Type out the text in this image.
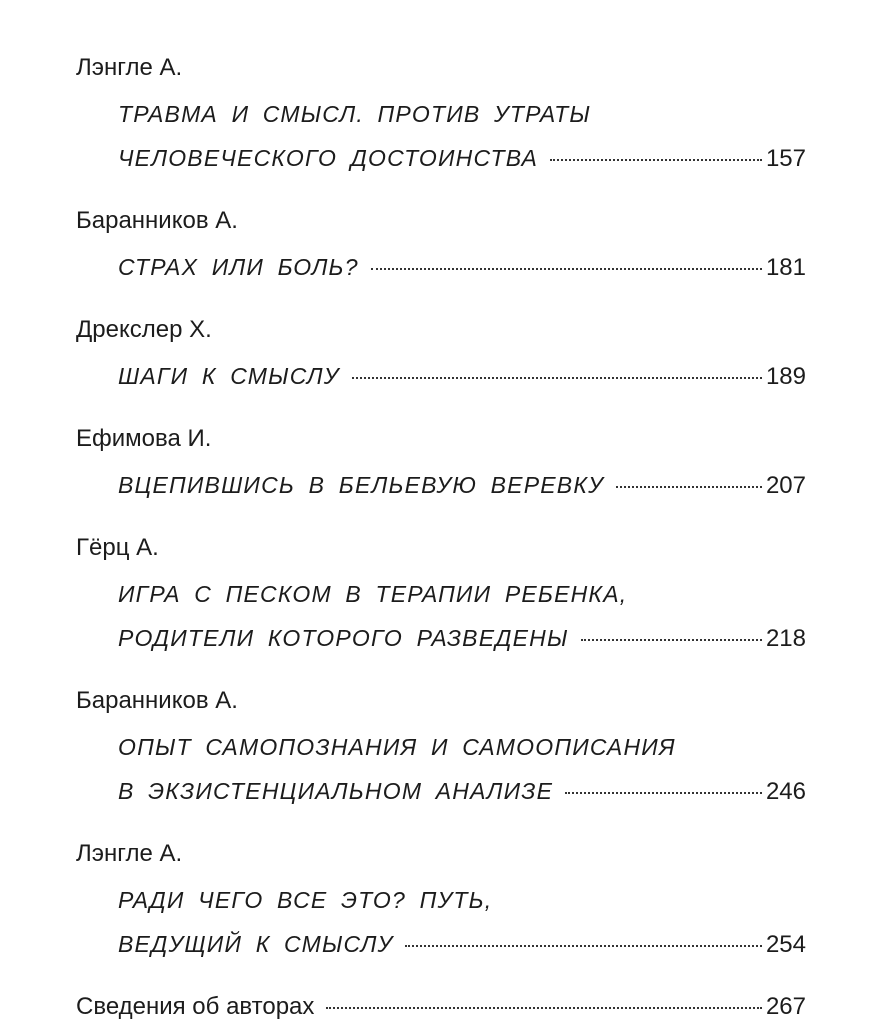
Лэнгле А.
ТРАВМА И СМЫСЛ. ПРОТИВ УТРАТЫ
ЧЕЛОВЕЧЕСКОГО ДОСТОИНСТВА	157
Баранников А.
СТРАХ ИЛИ БОЛЬ?	181
Дрекслер Х.
ШАГИ К СМЫСЛУ	189
Ефимова И.
ВЦЕПИВШИСЬ В БЕЛЬЕВУЮ ВЕРЕВКУ	207
Гёрц А.
ИГРА С ПЕСКОМ В ТЕРАПИИ РЕБЕНКА,
РОДИТЕЛИ КОТОРОГО РАЗВЕДЕНЫ	218
Баранников А.
ОПЫТ САМОПОЗНАНИЯ И САМООПИСАНИЯ
В ЭКЗИСТЕНЦИАЛЬНОМ АНАЛИЗЕ	246
Лэнгле А.
РАДИ ЧЕГО ВСЕ ЭТО? ПУТЬ,
ВЕДУЩИЙ К СМЫСЛУ	254
Сведения об авторах	267
